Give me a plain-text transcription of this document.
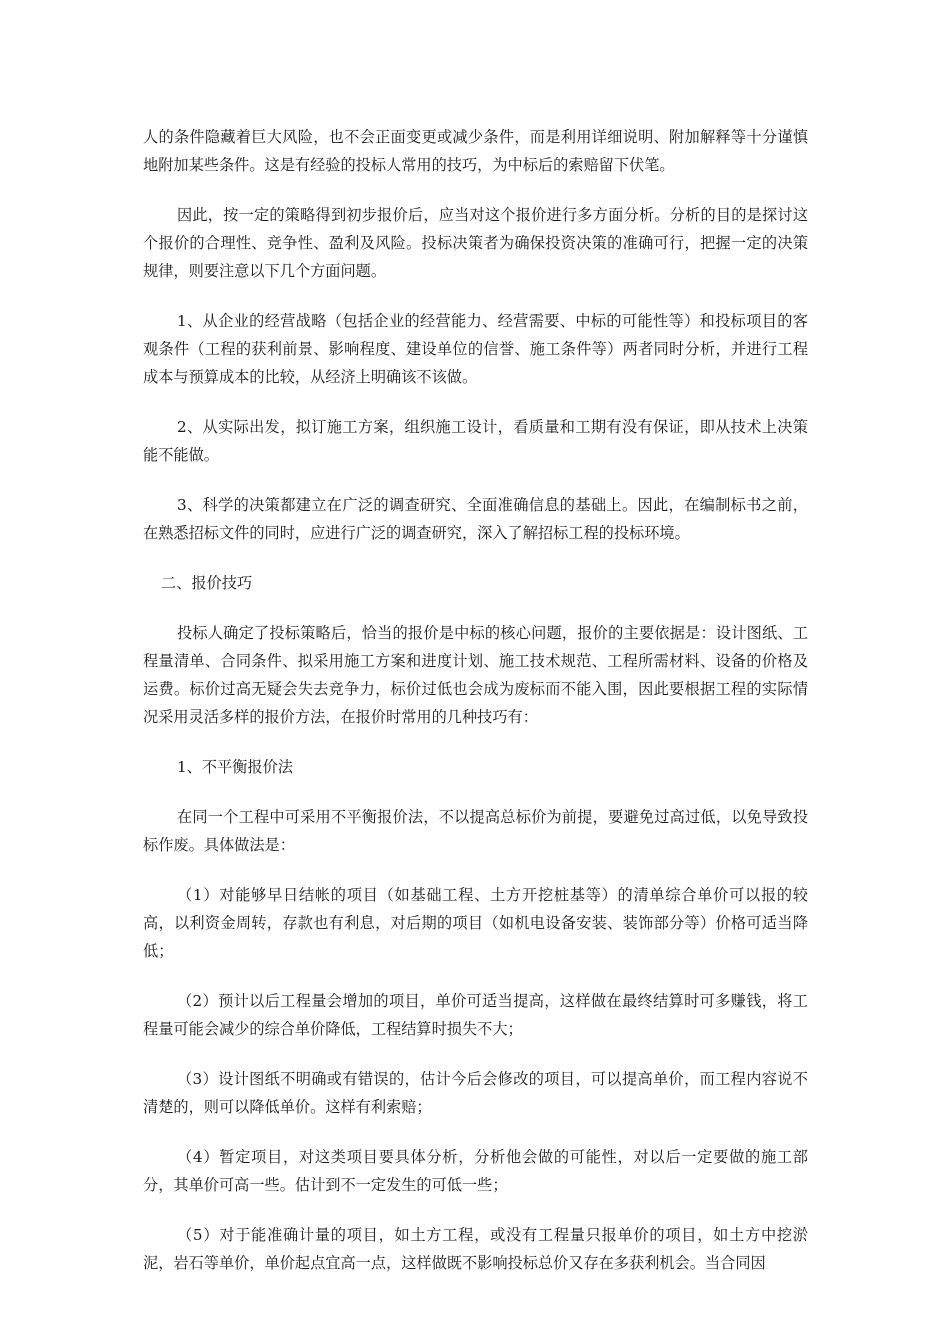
人的条件隐藏着巨大风险，也不会正面变更或减少条件，而是利用详细说明、附加解释等十分谨慎地附加某些条件。这是有经验的投标人常用的技巧，为中标后的索赔留下伏笔。

因此，按一定的策略得到初步报价后，应当对这个报价进行多方面分析。分析的目的是探讨这个报价的合理性、竞争性、盈利及风险。投标决策者为确保投资决策的准确可行，把握一定的决策规律，则要注意以下几个方面问题。

1、从企业的经营战略（包括企业的经营能力、经营需要、中标的可能性等）和投标项目的客观条件（工程的获利前景、影响程度、建设单位的信誉、施工条件等）两者同时分析，并进行工程成本与预算成本的比较，从经济上明确该不该做。

2、从实际出发，拟订施工方案，组织施工设计，看质量和工期有没有保证，即从技术上决策能不能做。

3、科学的决策都建立在广泛的调查研究、全面准确信息的基础上。因此，在编制标书之前，在熟悉招标文件的同时，应进行广泛的调查研究，深入了解招标工程的投标环境。

二、报价技巧

投标人确定了投标策略后，恰当的报价是中标的核心问题，报价的主要依据是：设计图纸、工程量清单、合同条件、拟采用施工方案和进度计划、施工技术规范、工程所需材料、设备的价格及运费。标价过高无疑会失去竞争力，标价过低也会成为废标而不能入围，因此要根据工程的实际情况采用灵活多样的报价方法，在报价时常用的几种技巧有：

1、不平衡报价法

在同一个工程中可采用不平衡报价法，不以提高总标价为前提，要避免过高过低，以免导致投标作废。具体做法是：

（1）对能够早日结帐的项目（如基础工程、土方开挖桩基等）的清单综合单价可以报的较高，以利资金周转，存款也有利息，对后期的项目（如机电设备安装、装饰部分等）价格可适当降低；

（2）预计以后工程量会增加的项目，单价可适当提高，这样做在最终结算时可多赚钱，将工程量可能会减少的综合单价降低，工程结算时损失不大；

（3）设计图纸不明确或有错误的，估计今后会修改的项目，可以提高单价，而工程内容说不清楚的，则可以降低单价。这样有利索赔；

（4）暂定项目，对这类项目要具体分析，分析他会做的可能性，对以后一定要做的施工部分，其单价可高一些。估计到不一定发生的可低一些；

（5）对于能准确计量的项目，如土方工程，或没有工程量只报单价的项目，如土方中挖淤泥，岩石等单价，单价起点宜高一点，这样做既不影响投标总价又存在多获利机会。当合同因
